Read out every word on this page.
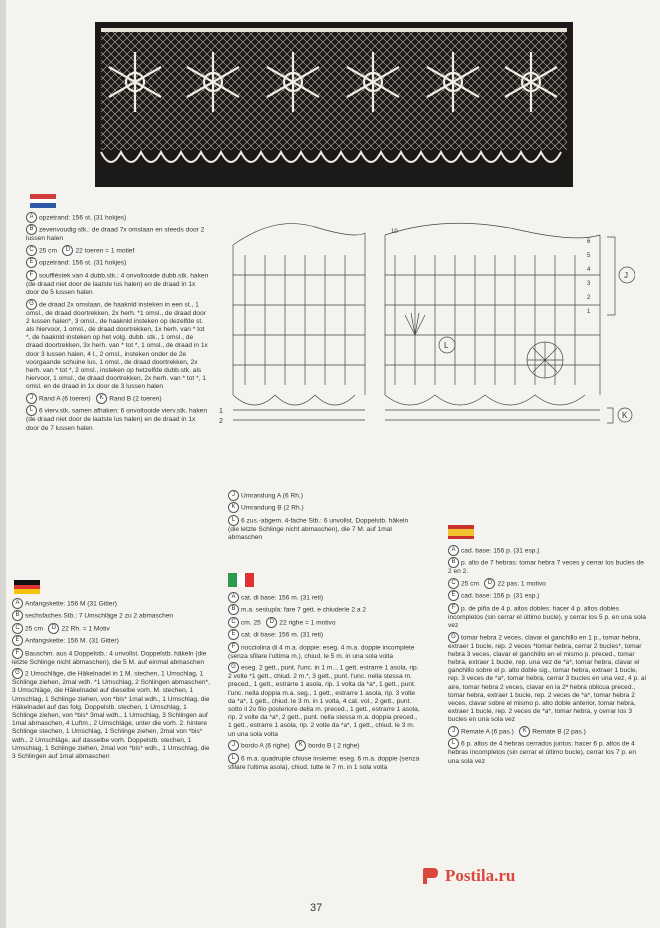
A opzetrand: 156 st. (31 hokjes)

B zevenvoudig stk.: de draad 7x omslaan en steeds door 2 lussen halen

C 25 cm D 22 toeren = 1 motief

E opzetrand: 156 st. (31 hokjes)

F souffléstek van 4 dubb.stk.: 4 onvoltooide dubb.stk. haken (de draad niet door de laatste lus halen) en de draad in 1x door de 5 lussen halen

G de draad 2x omslaan, de haaknld insteken in een st., 1 omsl., de draad doortrekken, 2x herh. *1 omsl., de draad door 2 lussen halen*, 3 omsl., de haaknld insteken op dezelfde st. als hiervoor, 1 omsl., de draad doortrekken, 1x herh. van * tot *, de haaknld insteken op het volg. dubb. stk., 1 omsl., de draad doortrekken, 3x herh. van * tot *, 1 omsl., de draad in 1x door 3 lussen halen, 4 l., 2 omsl., insteken onder de 2e voorgaande schuine lus, 1 omsl., de draad doortrekken, 2x herh. van * tot *, 2 omsl., insteken op hetzelfde dubb.stk. als hiervoor, 1 omsl., de draad doortrekken, 2x herh. van * tot *, 1 omsl. en de draad in 1x door de 3 lussen halen

J Rand A (6 toeren) K Rand B (2 toeren)

L 6 vierv.stk. samen afhaken: 6 onvoltooide vierv.stk. haken (de draad niet door de laatste lus halen) en de draad in 1x door de 7 lussen halen

A Anfangskette: 156 M (31 Gitter)

B sechsfaches Stb.: 7 Umschläge 2 zu 2 abmaschen

C 25 cm D 22 Rh. = 1 Motiv

E Anfangskette: 156 M. (31 Gitter)

F Bauschm. aus 4 Doppelstb.: 4 unvollst. Doppelstb. häkeln (die letzte Schlinge nicht abmaschen), die 5 M. auf einmal abmaschen

G 2 Umschläge, die Häkelnadel in 1 M. stechen, 1 Umschlag, 1 Schlinge ziehen, 2mal wdh. *1 Umschlag, 2 Schlingen abmaschen*, 3 Umschläge, die Häkelnadel auf dieselbe vorh. M. stechen, 1 Umschlag, 1 Schlinge ziehen, von *bis* 1mal wdh., 1 Umschlag, die Häkelnadel auf das folg. Doppelstb. stechen, 1 Umschlag, 1 Schlinge ziehen, von *bis* 3mal wdh., 1 Umschlag, 3 Schlingen auf 1mal abmaschen, 4 Luftm., 2 Umschläge, unter die vorh. 2. hintere Schlinge stechen, 1 Umschlag, 1 Schlinge ziehen, 2mal von *bis* wdh., 2 Umschläge, auf dasselbe vorh. Doppelstb. stechen, 1 Umschlag, 1 Schlinge ziehen, 2mal von *bis* wdh., 1 Umschlag, die 3 Schlingen auf 1mal abmaschen

J Umrandung A (6 Rh.)

K Umrandung B (2 Rh.)

L 6 zus.-abgem. 4-fache Stb.: 6 unvollst. Doppelstb. häkeln (die letzte Schlinge nicht abmaschen), die 7 M. auf 1mal abmaschen

A cat. di base: 156 m. (31 reti)

B m.a. sestupla: fare 7 gett. e chiuderle 2 a 2

C cm. 25 D 22 righe = 1 motivo

E cat. di base: 156 m. (31 reti)

F nocciolina di 4 m.a. doppie: eseg. 4 m.a. doppie incomplete (senza sfilare l'ultima m.), chiud. le 5 m. in una sola volta

G eseg. 2 gett., punt. l'unc. in 1 m.., 1 gett. estrarre 1 asola, rip. 2 volte *1 gett., chiud. 2 m.*, 3 gett., punt. l'unc. nella stessa m. preced., 1 gett., estrarre 1 asola, rip. 1 volta da *a*, 1 gett., punt. l'unc. nella doppia m.a. seg., 1 gett., estrarre 1 asola, rip. 3 volte da *a*, 1 gett., chiud. le 3 m. in 1 volta, 4 cat. vol., 2 gett., punt. sotto il 2o filo posteriore della m. preced., 1 gett., estrarre 1 asola, rip. 2 volte da *a*, 2 gett., punt. nella stessa m.a. doppia preced., 1 gett., estrarre 1 asola, rip. 2 volte da *a*, 1 gett., chiud. le 3 m. un una sola volta

J bordo A (6 righe) K bordo B ( 2 righe)

L 6 m.a. quadruple chiuse insieme: eseg. 6 m.a. doppie (senza sfilare l'ultima asola), chiud. tutte le 7 m. in 1 sola volta

A cad. base: 156 p. (31 esp.)

B p. alto de 7 hebras: tomar hebra 7 veces y cerrar los bucles de 2 en 2.

C 25 cm D 22 pas: 1 motivo

E cad. base: 156 p. (31 esp.)

F p. de piña de 4 p. altos dobles: hacer 4 p. altos dobles incompletos (sin cerrar el último bucle), y cerrar los 5 p. en una sola vez

G tomar hebra 2 veces, clavar el ganchillo en 1 p., tomar hebra, extraer 1 bucle, rep. 2 veces *tomar hebra, cerrar 2 bucles*, tomar hebra 3 veces, clavar el ganchillo en el mismo p. preced., tomar hebra, extraer 1 bucle, rep. una vez de *a*, tomar hebra, clavar el ganchillo sobre el p. alto doble sig., tomar hebra, extraer 1 bucle, rep. 3 veces de *a*, tomar hebra, cerrar 3 bucles en una vez, 4 p. al aire, tomar hebra 2 veces, clavar en la 2ª hebra oblicua preced., tomar hebra, extraer 1 bucle, rep. 2 veces de *a*, tomar hebra 2 veces, clavar sobre el mismo p. alto doble anterior, tomar hebra, extraer 1 bucle, rep. 2 veces de *a*, tomar hebra, y cerrar los 3 bucles en una sola vez

J Remate A (6 pas.) K Remate B (2 pas.)

L 6 p. altos de 4 hebras cerrados juntos: hacer 6 p. altos de 4 hebras incompletos (sin cerrar el último bucle), cerrar los 7 p. en una sola vez

L
J
K
1
2
10
6
5
4
3
2
1
Postila.ru
37
